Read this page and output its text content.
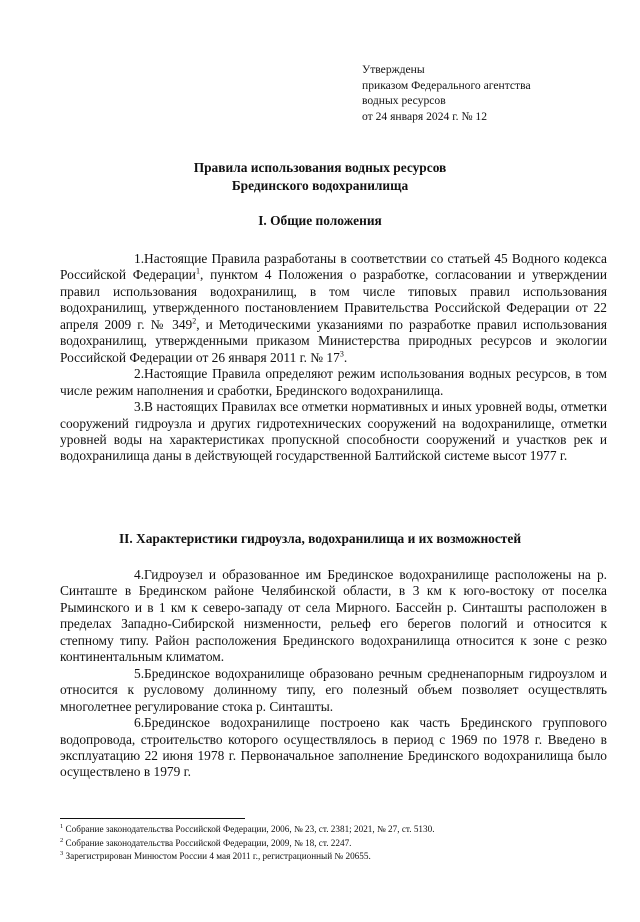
Утверждены
приказом Федерального агентства
водных ресурсов
от 24 января 2024 г. № 12
Правила использования водных ресурсов
Брединского водохранилища
I. Общие положения

1.Настоящие Правила разработаны в соответствии со статьей 45 Водного кодекса Российской Федерации$^1$, пунктом 4 Положения о разработке, согласовании и утверждении правил использования водохранилищ, в том числе типовых правил использования водохранилищ, утвержденного постановлением Правительства Российской Федерации от 22 апреля 2009 г. № $349^2$, и Методическими указаниями по разработке правил использования водохранилищ, утвержденными приказом Министерства природных ресурсов и экологии Российской Федерации от 26 января 2011 г. № $17^3$.

2.Настоящие Правила определяют режим использования водных ресурсов, в том числе режим наполнения и сработки, Брединского водохранилища.

3.В настоящих Правилах все отметки нормативных и иных уровней воды, отметки сооружений гидроузла и других гидротехнических сооружений на водохранилище, отметки уровней воды на характеристиках пропускной способности сооружений и участков рек и водохранилища даны в действующей государственной Балтийской системе высот 1977 г.

II. Характеристики гидроузла, водохранилища и их возможностей

4.Гидроузел и образованное им Брединское водохранилище расположены на р. Синташте в Брединском районе Челябинской области, в 3 км к юго-востоку от поселка Рыминского и в 1 км к северо-западу от села Мирного. Бассейн р. Синташты расположен в пределах Западно-Сибирской низменности, рельеф его берегов пологий и относится к степному типу. Район расположения Брединского водохранилища относится к зоне с резко континентальным климатом.

5.Брединское водохранилище образовано речным средненапорным гидроузлом и относится к русловому долинному типу, его полезный объем позволяет осуществлять многолетнее регулирование стока р. Синташты.

6.Брединское водохранилище построено как часть Брединского группового водопровода, строительство которого осуществлялось в период с 1969 по 1978 г. Введено в эксплуатацию 22 июня 1978 г. Первоначальное заполнение Брединского водохранилища было осуществлено в 1979 г.

$^1$ Собрание законодательства Российской Федерации, 2006, № 23, ст. 2381; 2021, № 27, ст. 5130.
$^2$ Собрание законодательства Российской Федерации, 2009, № 18, ст. 2247.
$^3$ Зарегистрирован Минюстом России 4 мая 2011 г., регистрационный № 20655.
